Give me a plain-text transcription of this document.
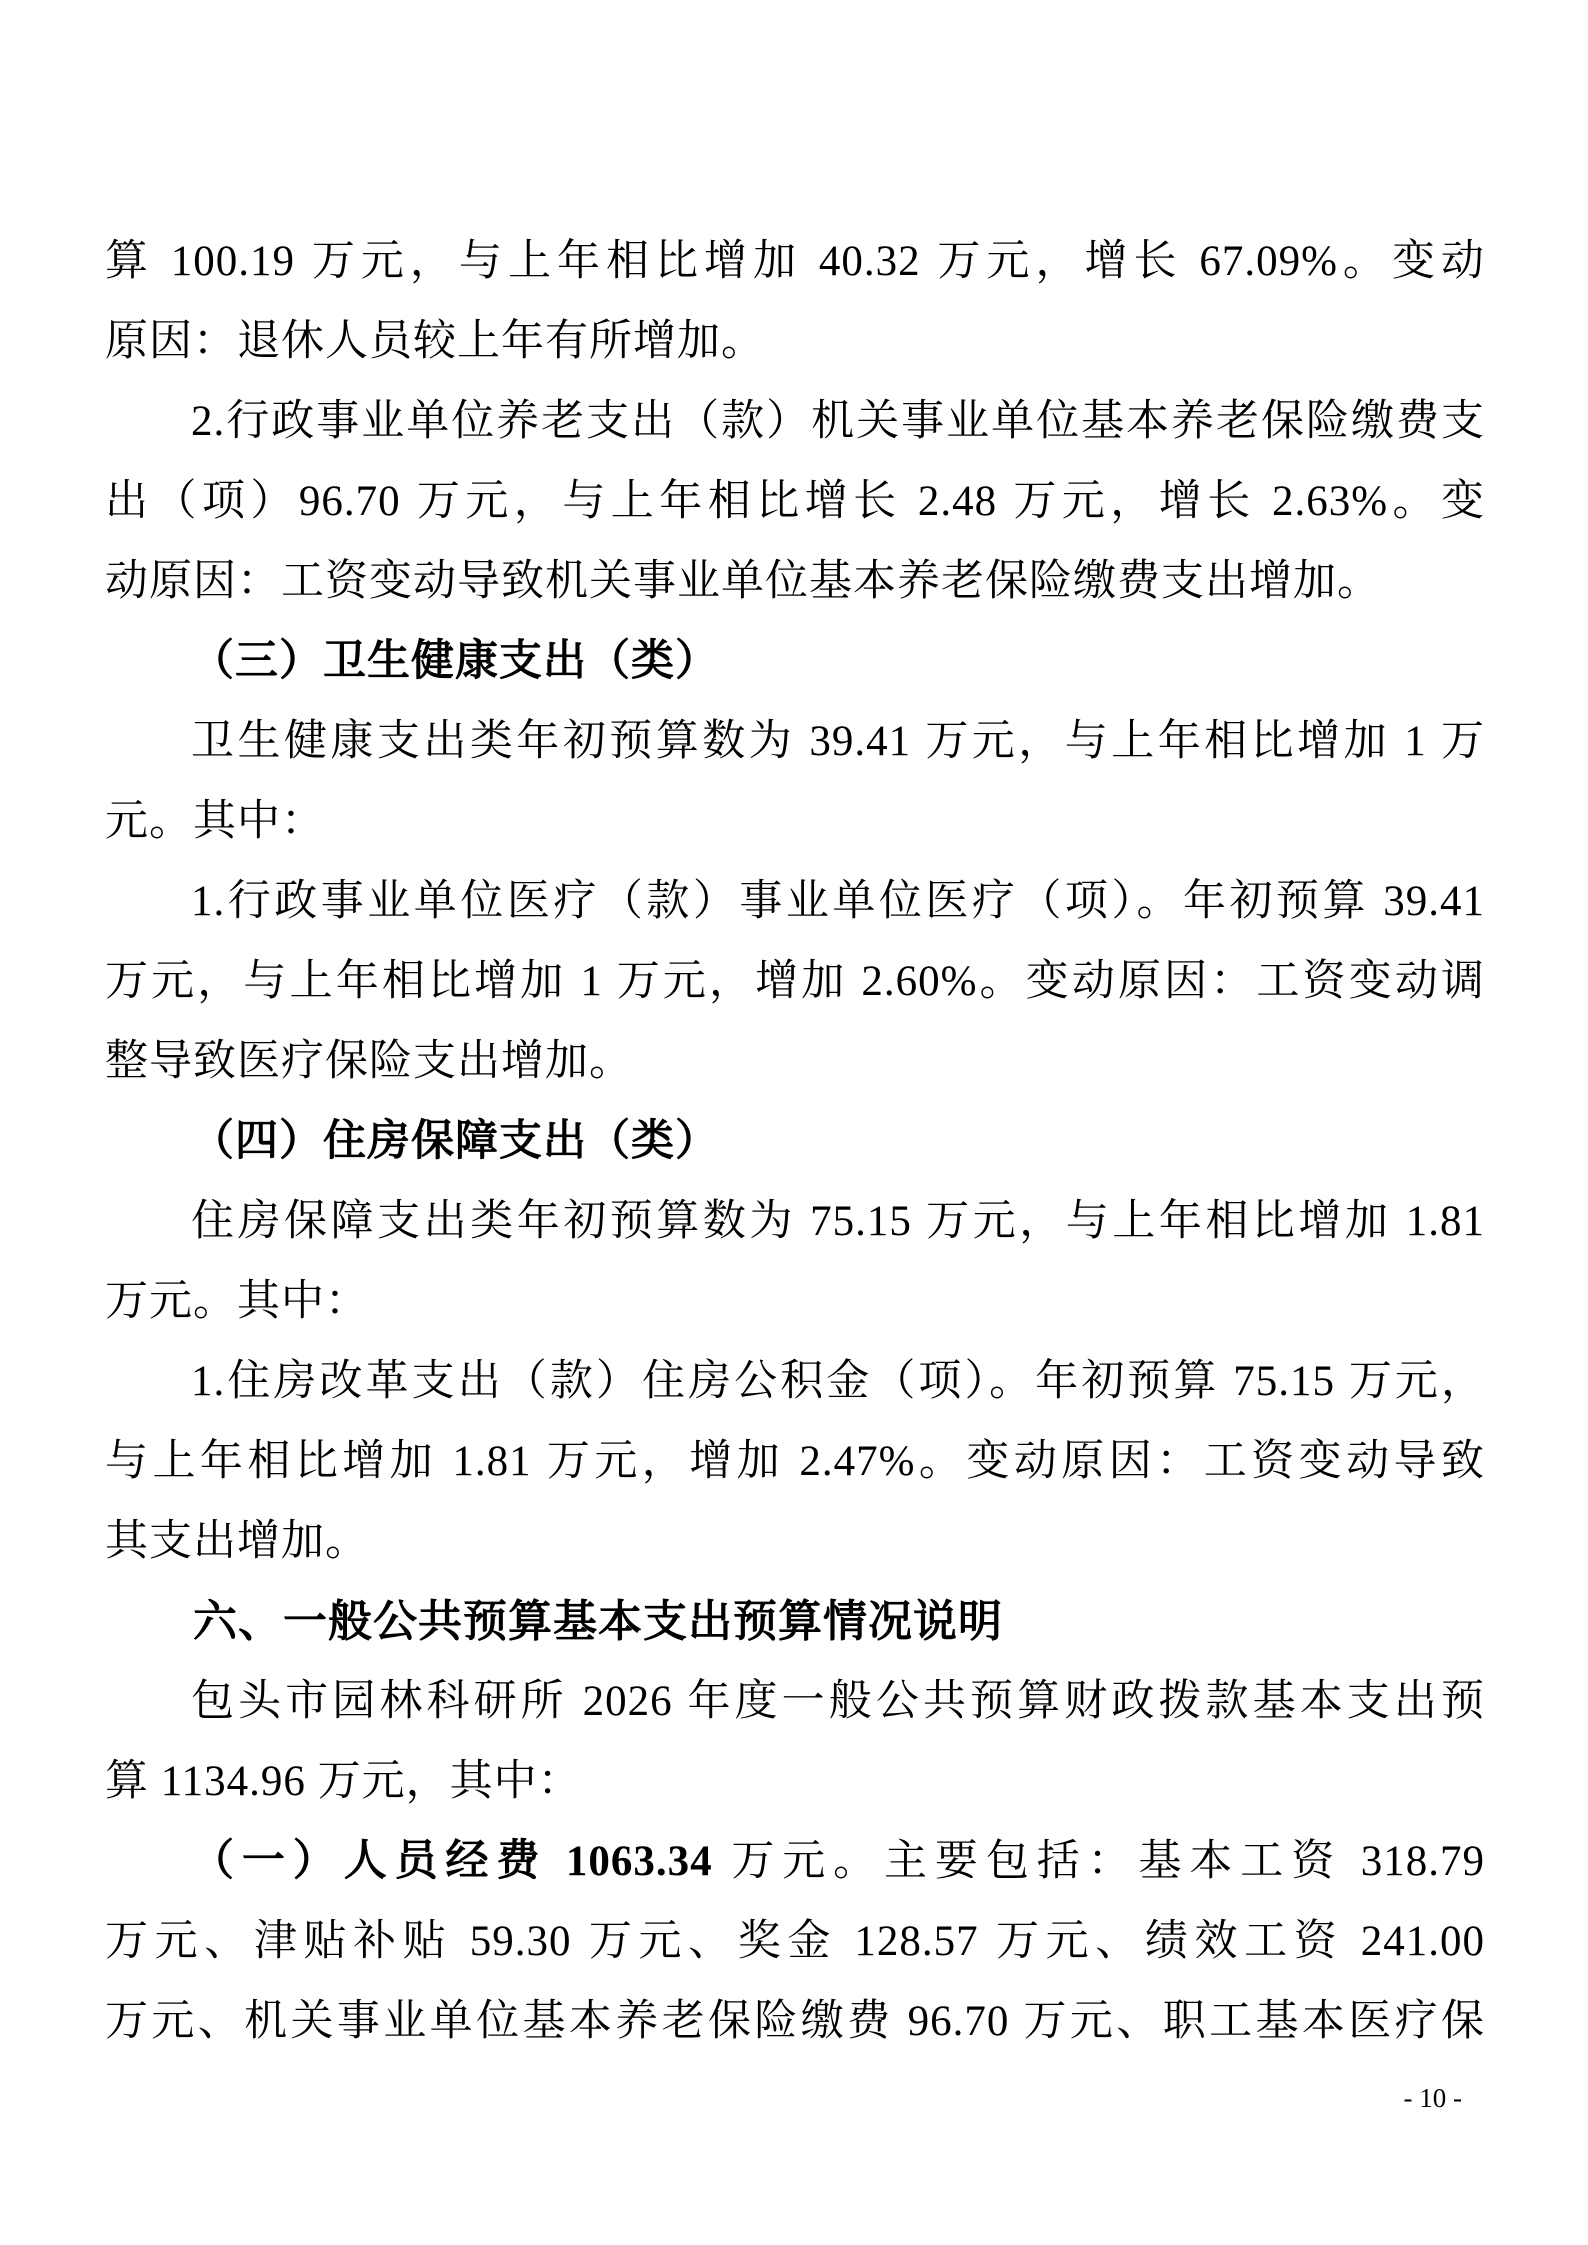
算 100.19 万元，与上年相比增加 40.32 万元，增长 67.09%。变动

原因：退休人员较上年有所增加。

2.行政事业单位养老支出（款）机关事业单位基本养老保险缴费支

出（项）96.70 万元，与上年相比增长 2.48 万元，增长 2.63%。变

动原因：工资变动导致机关事业单位基本养老保险缴费支出增加。

（三）卫生健康支出（类）

卫生健康支出类年初预算数为 39.41 万元，与上年相比增加 1 万

元。其中：

1.行政事业单位医疗（款）事业单位医疗（项）。年初预算 39.41

万元，与上年相比增加 1 万元，增加 2.60%。变动原因：工资变动调

整导致医疗保险支出增加。

（四）住房保障支出（类）

住房保障支出类年初预算数为 75.15 万元，与上年相比增加 1.81

万元。其中：

1.住房改革支出（款）住房公积金（项）。年初预算 75.15 万元，

与上年相比增加 1.81 万元，增加 2.47%。变动原因：工资变动导致

其支出增加。

六、一般公共预算基本支出预算情况说明

包头市园林科研所 2026 年度一般公共预算财政拨款基本支出预

算 1134.96 万元，其中：

（一）人员经费 1063.34 万元。主要包括：基本工资 318.79

万元、津贴补贴 59.30 万元、奖金 128.57 万元、绩效工资 241.00

万元、机关事业单位基本养老保险缴费 96.70 万元、职工基本医疗保

- 10 -
